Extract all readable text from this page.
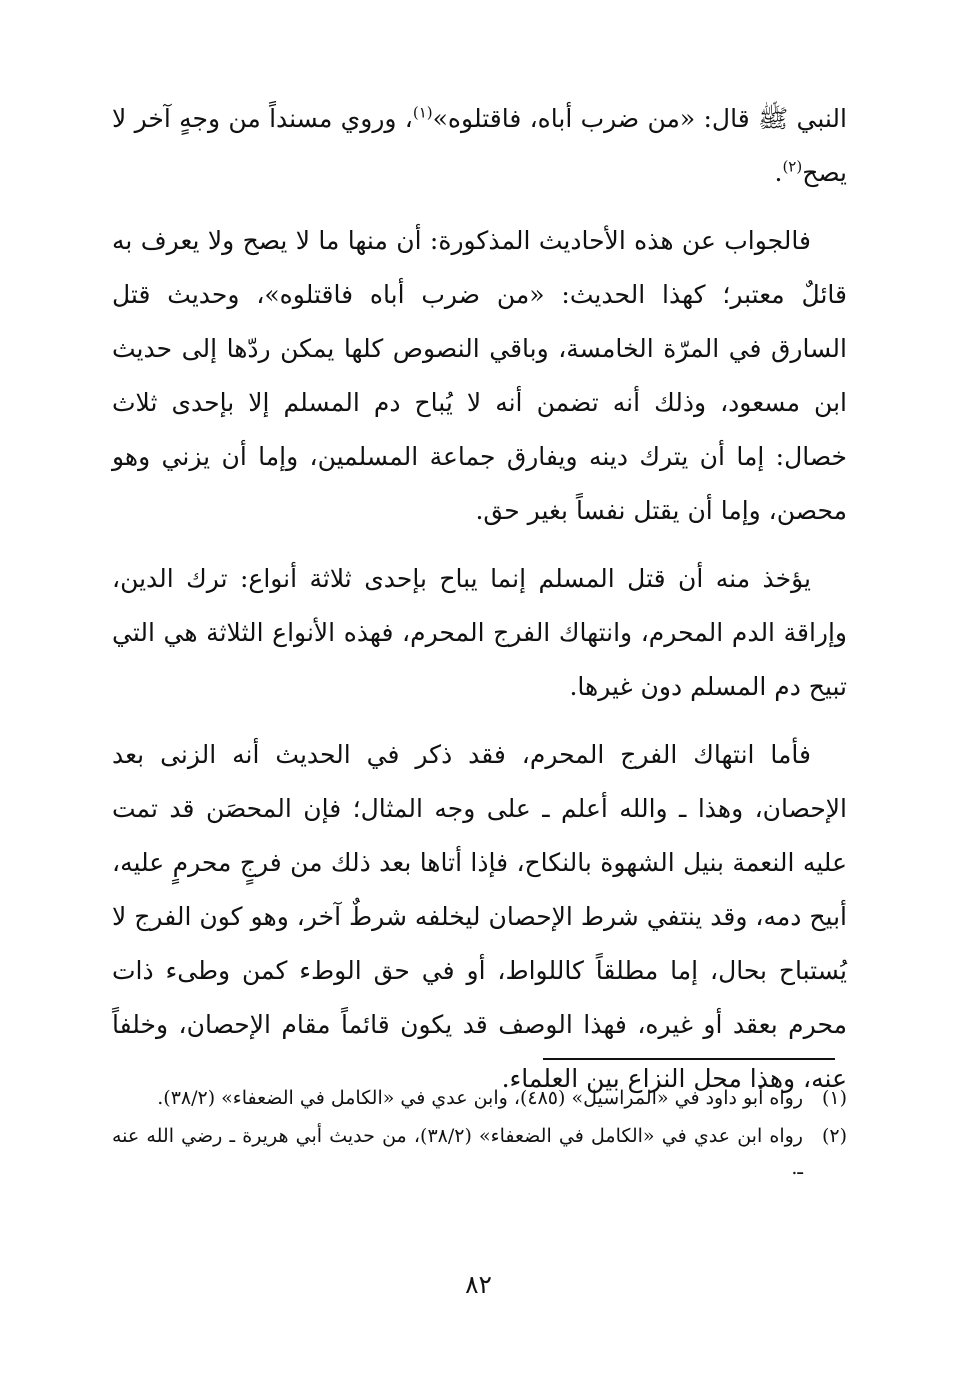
النبي ﷺ قال: «من ضرب أباه، فاقتلوه»$^{(١)}$، وروي مسنداً من وجهٍ آخر لا يصح$^{(٢)}$.

فالجواب عن هذه الأحاديث المذكورة: أن منها ما لا يصح ولا يعرف به قائلٌ معتبر؛ كهذا الحديث: «من ضرب أباه فاقتلوه»، وحديث قتل السارق في المرّة الخامسة، وباقي النصوص كلها يمكن ردّها إلى حديث ابن مسعود، وذلك أنه تضمن أنه لا يُباح دم المسلم إلا بإحدى ثلاث خصال: إما أن يترك دينه ويفارق جماعة المسلمين، وإما أن يزني وهو محصن، وإما أن يقتل نفساً بغير حق.

يؤخذ منه أن قتل المسلم إنما يباح بإحدى ثلاثة أنواع: ترك الدين، وإراقة الدم المحرم، وانتهاك الفرج المحرم، فهذه الأنواع الثلاثة هي التي تبيح دم المسلم دون غيرها.

فأما انتهاك الفرج المحرم، فقد ذكر في الحديث أنه الزنى بعد الإحصان، وهذا ـ والله أعلم ـ على وجه المثال؛ فإن المحصَن قد تمت عليه النعمة بنيل الشهوة بالنكاح، فإذا أتاها بعد ذلك من فرجٍ محرمٍ عليه، أبيح دمه، وقد ينتفي شرط الإحصان ليخلفه شرطٌ آخر، وهو كون الفرج لا يُستباح بحال، إما مطلقاً كاللواط، أو في حق الوطء كمن وطىء ذات محرم بعقد أو غيره، فهذا الوصف قد يكون قائماً مقام الإحصان، وخلفاً عنه، وهذا محل النزاع بين العلماء.

(١)
رواه أبو داود في «المراسيل» (٤٨٥)، وابن عدي في «الكامل في الضعفاء» (٣٨/٢).
(٢)
رواه ابن عدي في «الكامل في الضعفاء» (٣٨/٢)، من حديث أبي هريرة ـ رضي الله عنه ـ.
٨٢
